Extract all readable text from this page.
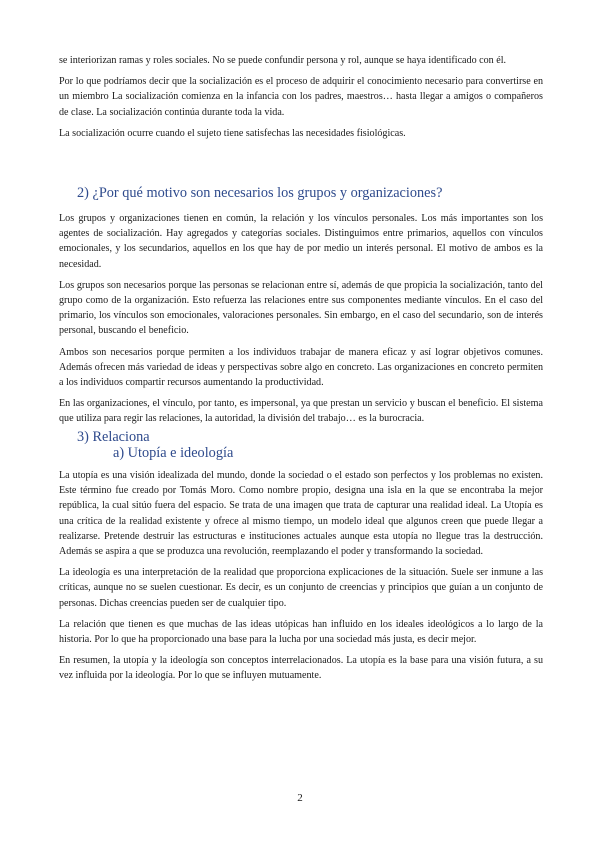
se interiorizan ramas y roles sociales. No se puede confundir persona y rol, aunque se haya identificado con él.

Por lo que podríamos decir que la socialización es el proceso de adquirir el conocimiento necesario para convertirse en un miembro La socialización comienza en la infancia con los padres, maestros… hasta llegar a amigos o compañeros de clase. La socialización continúa durante toda la vida.

La socialización ocurre cuando el sujeto tiene satisfechas las necesidades fisiológicas.

2) ¿Por qué motivo son necesarios los grupos y organizaciones?

Los grupos y organizaciones tienen en común, la relación y los vínculos personales. Los más importantes son los agentes de socialización. Hay agregados y categorías sociales. Distinguimos entre primarios, aquellos con vínculos emocionales, y los secundarios, aquellos en los que hay de por medio un interés personal. El motivo de ambos es la necesidad.

Los grupos son necesarios porque las personas se relacionan entre sí, además de que propicia la socialización, tanto del grupo como de la organización. Esto refuerza las relaciones entre sus componentes mediante vínculos. En el caso del primario, los vínculos son emocionales, valoraciones personales. Sin embargo, en el caso del secundario, son de interés personal, buscando el beneficio.

Ambos son necesarios porque permiten a los individuos trabajar de manera eficaz y así lograr objetivos comunes. Además ofrecen más variedad de ideas y perspectivas sobre algo en concreto. Las organizaciones en concreto permiten a los individuos compartir recursos aumentando la productividad.

En las organizaciones, el vínculo, por tanto, es impersonal, ya que prestan un servicio y buscan el beneficio. El sistema que utiliza para regir las relaciones, la autoridad, la división del trabajo… es la burocracia.

3) Relaciona
a) Utopía e ideología

La utopía es una visión idealizada del mundo, donde la sociedad o el estado son perfectos y los problemas no existen. Este término fue creado por Tomás Moro. Como nombre propio, designa una isla en la que se encontraba la mejor república, la cual sitúo fuera del espacio. Se trata de una imagen que trata de capturar una realidad ideal. La Utopía es una crítica de la realidad existente y ofrece al mismo tiempo, un modelo ideal que algunos creen que puede llegar a realizarse. Pretende destruir las estructuras e instituciones actuales aunque esta utopía no llegue tras la destrucción. Además se aspira a que se produzca una revolución, reemplazando el poder y transformando la sociedad.

La ideología es una interpretación de la realidad que proporciona explicaciones de la situación. Suele ser inmune a las críticas, aunque no se suelen cuestionar. Es decir, es un conjunto de creencias y principios que guían a un conjunto de personas. Dichas creencias pueden ser de cualquier tipo.

La relación que tienen es que muchas de las ideas utópicas han influido en los ideales ideológicos a lo largo de la historia. Por lo que ha proporcionado una base para la lucha por una sociedad más justa, es decir mejor.

En resumen, la utopía y la ideología son conceptos interrelacionados. La utopía es la base para una visión futura, a su vez influida por la ideología. Por lo que se influyen mutuamente.

2
